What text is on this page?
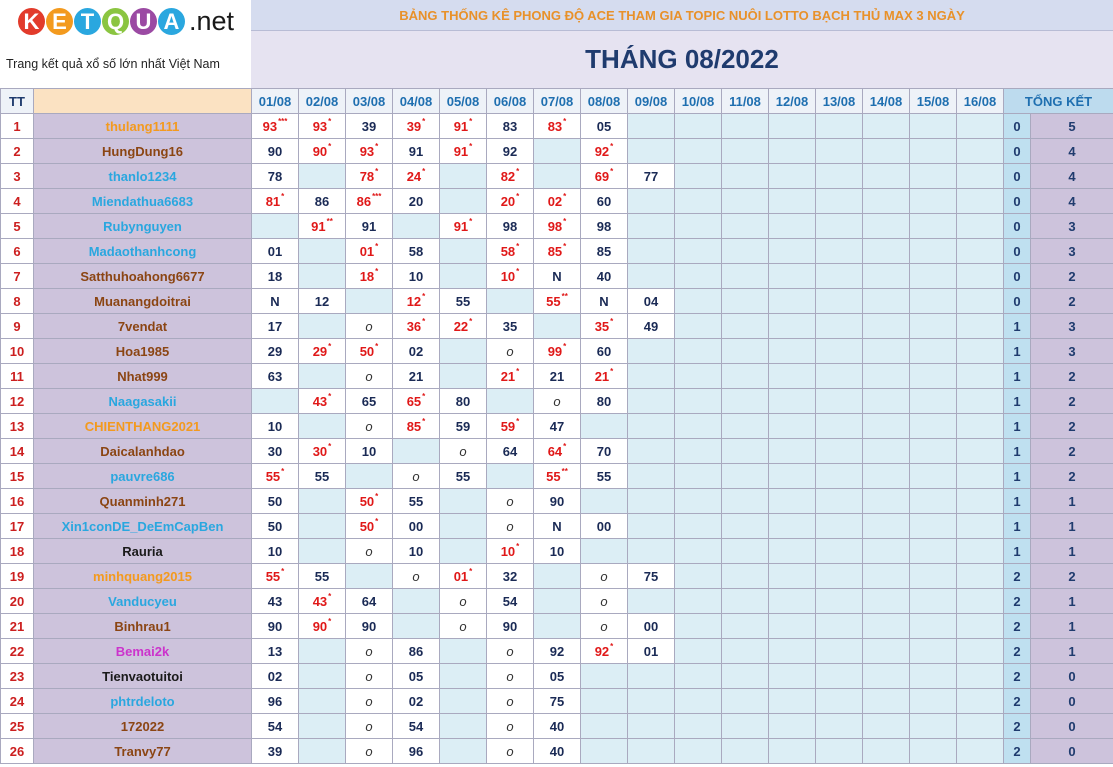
K E T Q U A .net
Trang kết quả xổ số lớn nhất Việt Nam
BẢNG THỐNG KÊ PHONG ĐỘ ACE THAM GIA TOPIC NUÔI LOTTO BẠCH THỦ MAX 3 NGÀY
THÁNG 08/2022
TT		01/08	02/08	03/08	04/08	05/08	06/08	07/08	08/08	09/08	10/08	11/08	12/08	13/08	14/08	15/08	16/08	TỔNG KẾT	
1	thulang1111	93***	93*	39	39*	91*	83	83*	05									0	5
2	HungDung16	90	90*	93*	91	91*	92		92*									0	4
3	thanlo1234	78		78*	24*		82*		69*	77								0	4
4	Miendathua6683	81*	86	86***	20		20*	02*	60									0	4
5	Rubynguyen		91**	91		91*	98	98*	98									0	3
6	Madaothanhcong	01		01*	58		58*	85*	85									0	3
7	Satthuhoahong6677	18		18*	10		10*	N	40									0	2
8	Muanangdoitrai	N	12		12*	55		55**	N	04								0	2
9	7vendat	17		o	36*	22*	35		35*	49								1	3
10	Hoa1985	29	29*	50*	02		o	99*	60									1	3
11	Nhat999	63		o	21		21*	21	21*									1	2
12	Naagasakii		43*	65	65*	80		o	80									1	2
13	CHIENTHANG2021	10		o	85*	59	59*	47										1	2
14	Daicalanhdao	30	30*	10		o	64	64*	70									1	2
15	pauvre686	55*	55		o	55		55**	55									1	2
16	Quanminh271	50		50*	55		o	90										1	1
17	Xin1conDE_DeEmCapBen	50		50*	00		o	N	00									1	1
18	Rauria	10		o	10		10*	10										1	1
19	minhquang2015	55*	55		o	01*	32		o	75								2	2
20	Vanducyeu	43	43*	64		o	54		o									2	1
21	Binhrau1	90	90*	90		o	90		o	00								2	1
22	Bemai2k	13		o	86		o	92	92*	01								2	1
23	Tienvaotuitoi	02		o	05		o	05										2	0
24	phtrdeloto	96		o	02		o	75										2	0
25	172022	54		o	54		o	40										2	0
26	Tranvy77	39		o	96		o	40										2	0
